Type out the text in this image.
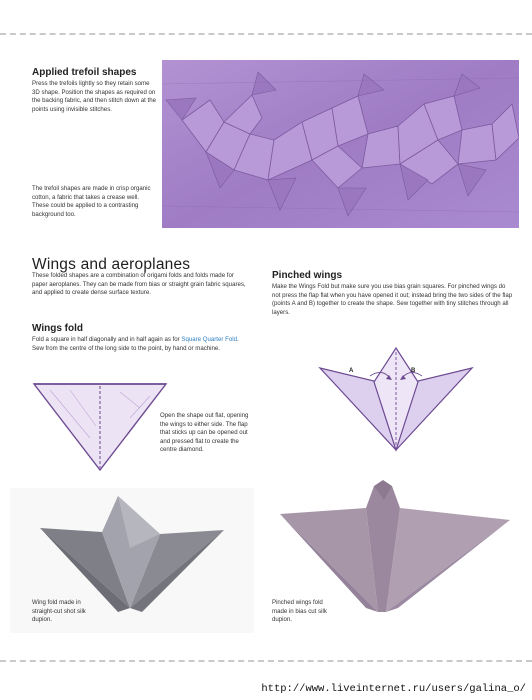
Applied trefoil shapes

Press the trefoils lightly so they retain some 3D shape. Position the shapes as required on the backing fabric, and then stitch down at the points using invisible stitches.

The trefoil shapes are made in crisp organic cotton, a fabric that takes a crease well. These could be applied to a contrasting background too.

Wings and aeroplanes

These folded shapes are a combination of origami folds and folds made for paper aeroplanes. They can be made from bias or straight grain fabric squares, and applied to create dense surface texture.

Wings fold

Fold a square in half diagonally and in half again as for Square Quarter Fold. Sew from the centre of the long side to the point, by hand or machine.

Open the shape out flat, opening the wings to either side. The flap that sticks up can be opened out and pressed flat to create the centre diamond.

Wing fold made in straight-cut shot silk dupion.

Pinched wings

Make the Wings Fold but make sure you use bias grain squares. For pinched wings do not press the flap flat when you have opened it out; instead bring the two sides of the flap (points A and B) together to create the shape. Sew together with tiny stitches through all layers.

A	B

Pinched wings fold made in bias cut silk dupion.

http://www.liveinternet.ru/users/galina_o/
